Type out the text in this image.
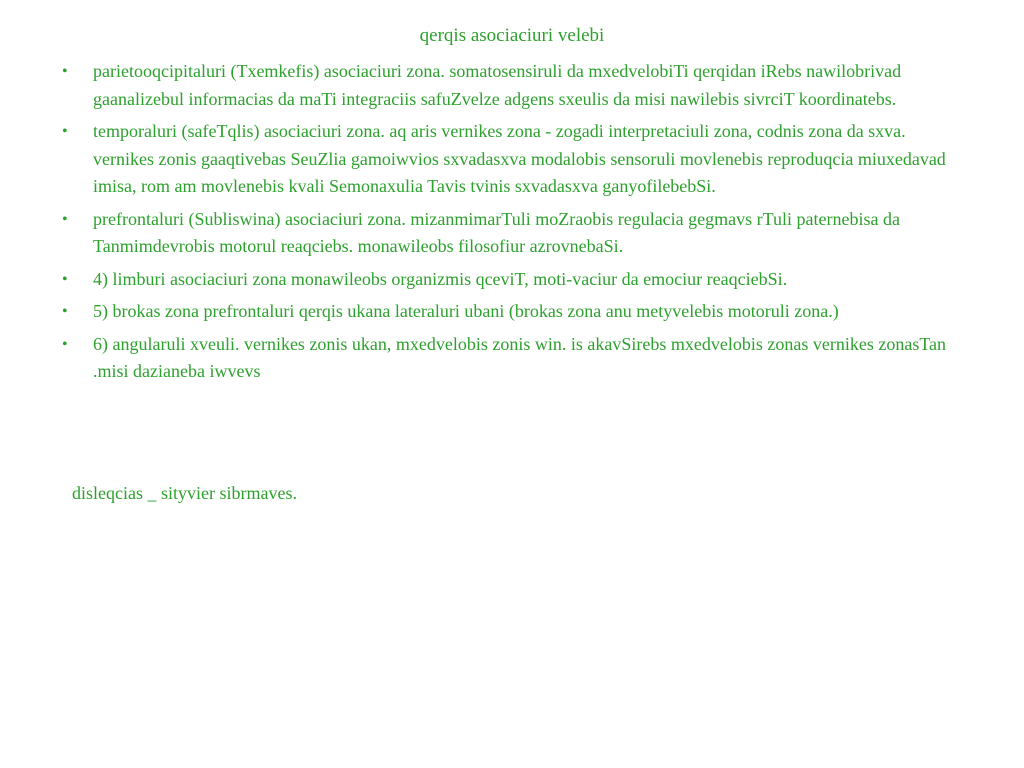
qerqis asociaciuri velebi
•	parietooqcipitaluri (Txemkefis) asociaciuri zona. somatosensiruli da mxedvelobiTi qerqidan iRebs nawilobrivad gaanalizebul informacias da maTi integraciis safuZvelze adgens sxeulis da misi nawilebis sivrciT koordinatebs.
•	temporaluri (safeTqlis) asociaciuri zona. aq aris vernikes zona - zogadi interpretaciuli zona, codnis zona da sxva. vernikes zonis gaaqtivebas SeuZlia gamoiwvios sxvadasxva modalobis sensoruli movlenebis reproduqcia miuxedavad imisa, rom am movlenebis kvali Semonaxulia Tavis tvinis sxvadasxva ganyofilebebSi.
•	prefrontaluri (Subliswina) asociaciuri zona. mizanmimarTuli moZraobis regulacia gegmavs rTuli paternebisa da Tanmimdevrobis motorul reaqciebs. monawileobs filosofiur azrovnebaSi.
•	4) limburi asociaciuri zona monawileobs organizmis qceviT, moti-vaciur da emociur reaqciebSi.
•	5) brokas zona prefrontaluri qerqis ukana lateraluri ubani (brokas zona anu metyvelebis motoruli zona.)
•	6) angularuli xveuli. vernikes zonis ukan, mxedvelobis zonis win. is akavSirebs mxedvelobis zonas vernikes zonasTan .misi dazianeba iwvevs

disleqcias _ sityvier sibrmaves.
